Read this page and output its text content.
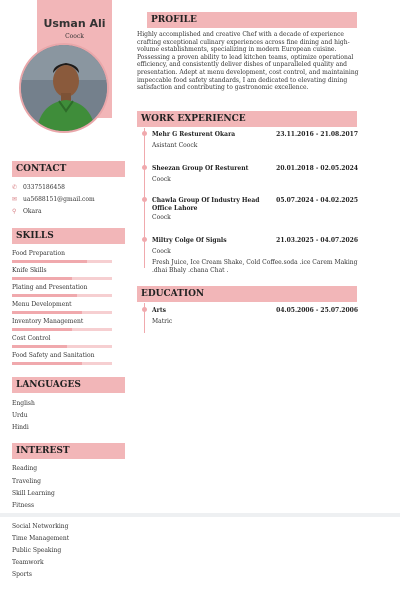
Usman Ali
Coock
CONTACT
✆ 03375186458
✉ ua5688151@gmail.com
⚲ Okara
SKILLS
Food Preparation
Knife Skills
Plating and Presentation
Menu Development
Inventory Management
Cost Control
Food Safety and Sanitation
LANGUAGES
English
Urdu
Hindi
INTEREST
Reading
Traveling
Skill Learning
Fitness
PROFILE
Highly accomplished and creative Chef with a decade of experience crafting exceptional culinary experiences across fine dining and high-volume establishments, specializing in modern European cuisine. Possessing a proven ability to lead kitchen teams, optimize operational efficiency, and consistently deliver dishes of unparalleled quality and presentation. Adept at menu development, cost control, and maintaining impeccable food safety standards, I am dedicated to elevating dining satisfaction and contributing to gastronomic excellence.
WORK EXPERIENCE
Mehr G Resturent Okara	23.11.2016 - 21.08.2017
Asistant Coock
Sheezan Group Of Resturent	20.01.2018 - 02.05.2024
Coock
Chawla Group Of Industry Head Office Lahore
05.07.2024 - 04.02.2025
Coock
Miltry Colge Of Signls	21.03.2025 - 04.07.2026
Coock
Fresh Juice, Ice Cream Shake, Cold Coffee.soda .ice Carem Making .dhai Bhaly .chana Chat .
EDUCATION
Arts	04.05.2006 - 25.07.2006
Matric
Social Networking
Time Management
Public Speaking
Teamwork
Sports
